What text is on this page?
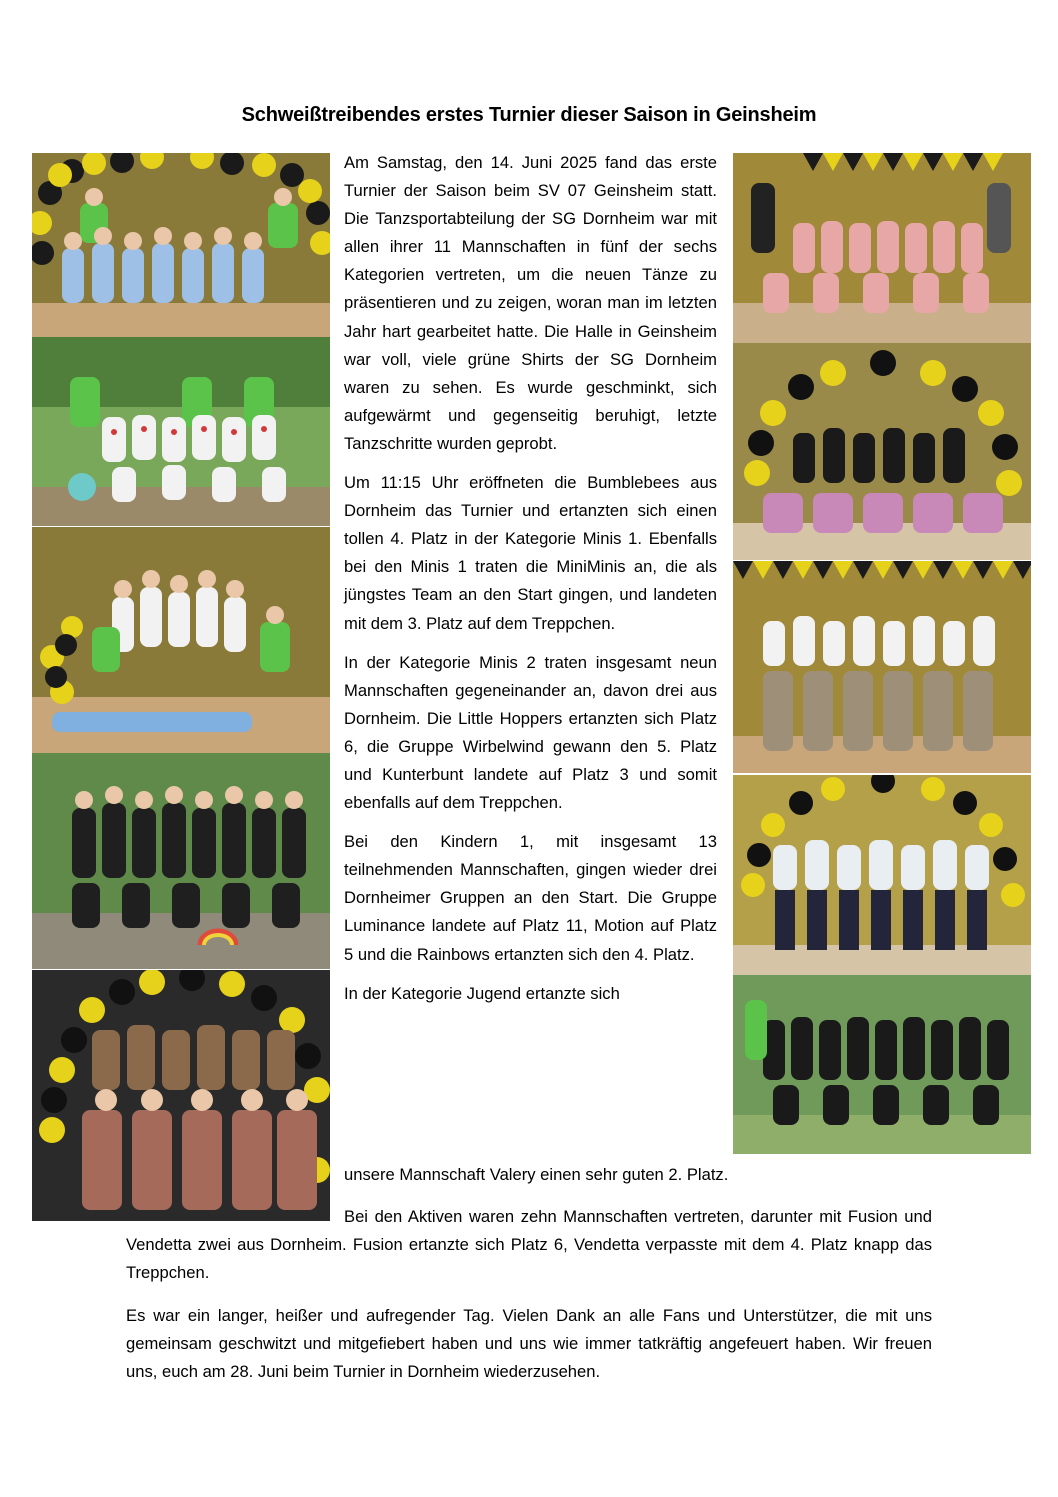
Schweißtreibendes erstes Turnier dieser Saison in Geinsheim

Am Samstag, den 14. Juni 2025 fand das erste Turnier der Saison beim SV 07 Geinsheim statt. Die Tanzsportabteilung der SG Dornheim war mit allen ihrer 11 Mannschaften in fünf der sechs Kategorien vertreten, um die neuen Tänze zu präsentieren und zu zeigen, woran man im letzten Jahr hart gearbeitet hatte. Die Halle in Geinsheim war voll, viele grüne Shirts der SG Dornheim waren zu sehen. Es wurde geschminkt, sich aufgewärmt und gegenseitig beruhigt, letzte Tanzschritte wurden geprobt.

Um 11:15 Uhr eröffneten die Bumblebees aus Dornheim das Turnier und ertanzten sich einen tollen 4. Platz in der Kategorie Minis 1. Ebenfalls bei den Minis 1 traten die MiniMinis an, die als jüngstes Team an den Start gingen, und landeten mit dem 3. Platz auf dem Treppchen.

In der Kategorie Minis 2 traten insgesamt neun Mannschaften gegeneinander an, davon drei aus Dornheim. Die Little Hoppers ertanzten sich Platz 6, die Gruppe Wirbelwind gewann den 5. Platz und Kunterbunt landete auf Platz 3 und somit ebenfalls auf dem Treppchen.

Bei den Kindern 1, mit insgesamt 13 teilnehmenden Mannschaften, gingen wieder drei Dornheimer Gruppen an den Start. Die Gruppe Luminance landete auf Platz 11, Motion auf Platz 5 und die Rainbows ertanzten sich den 4. Platz.

In der Kategorie Jugend ertanzte sich

unsere Mannschaft Valery einen sehr guten 2. Platz.
Bei den Aktiven waren zehn Mannschaften vertreten, darunter mit Fusion und Vendetta zwei aus Dornheim. Fusion ertanzte sich Platz 6, Vendetta verpasste mit dem 4. Platz knapp das Treppchen.
Es war ein langer, heißer und aufregender Tag. Vielen Dank an alle Fans und Unterstützer, die mit uns gemeinsam geschwitzt und mitgefiebert haben und uns wie immer tatkräftig angefeuert haben. Wir freuen uns, euch am 28. Juni beim Turnier in Dornheim wiederzusehen.
